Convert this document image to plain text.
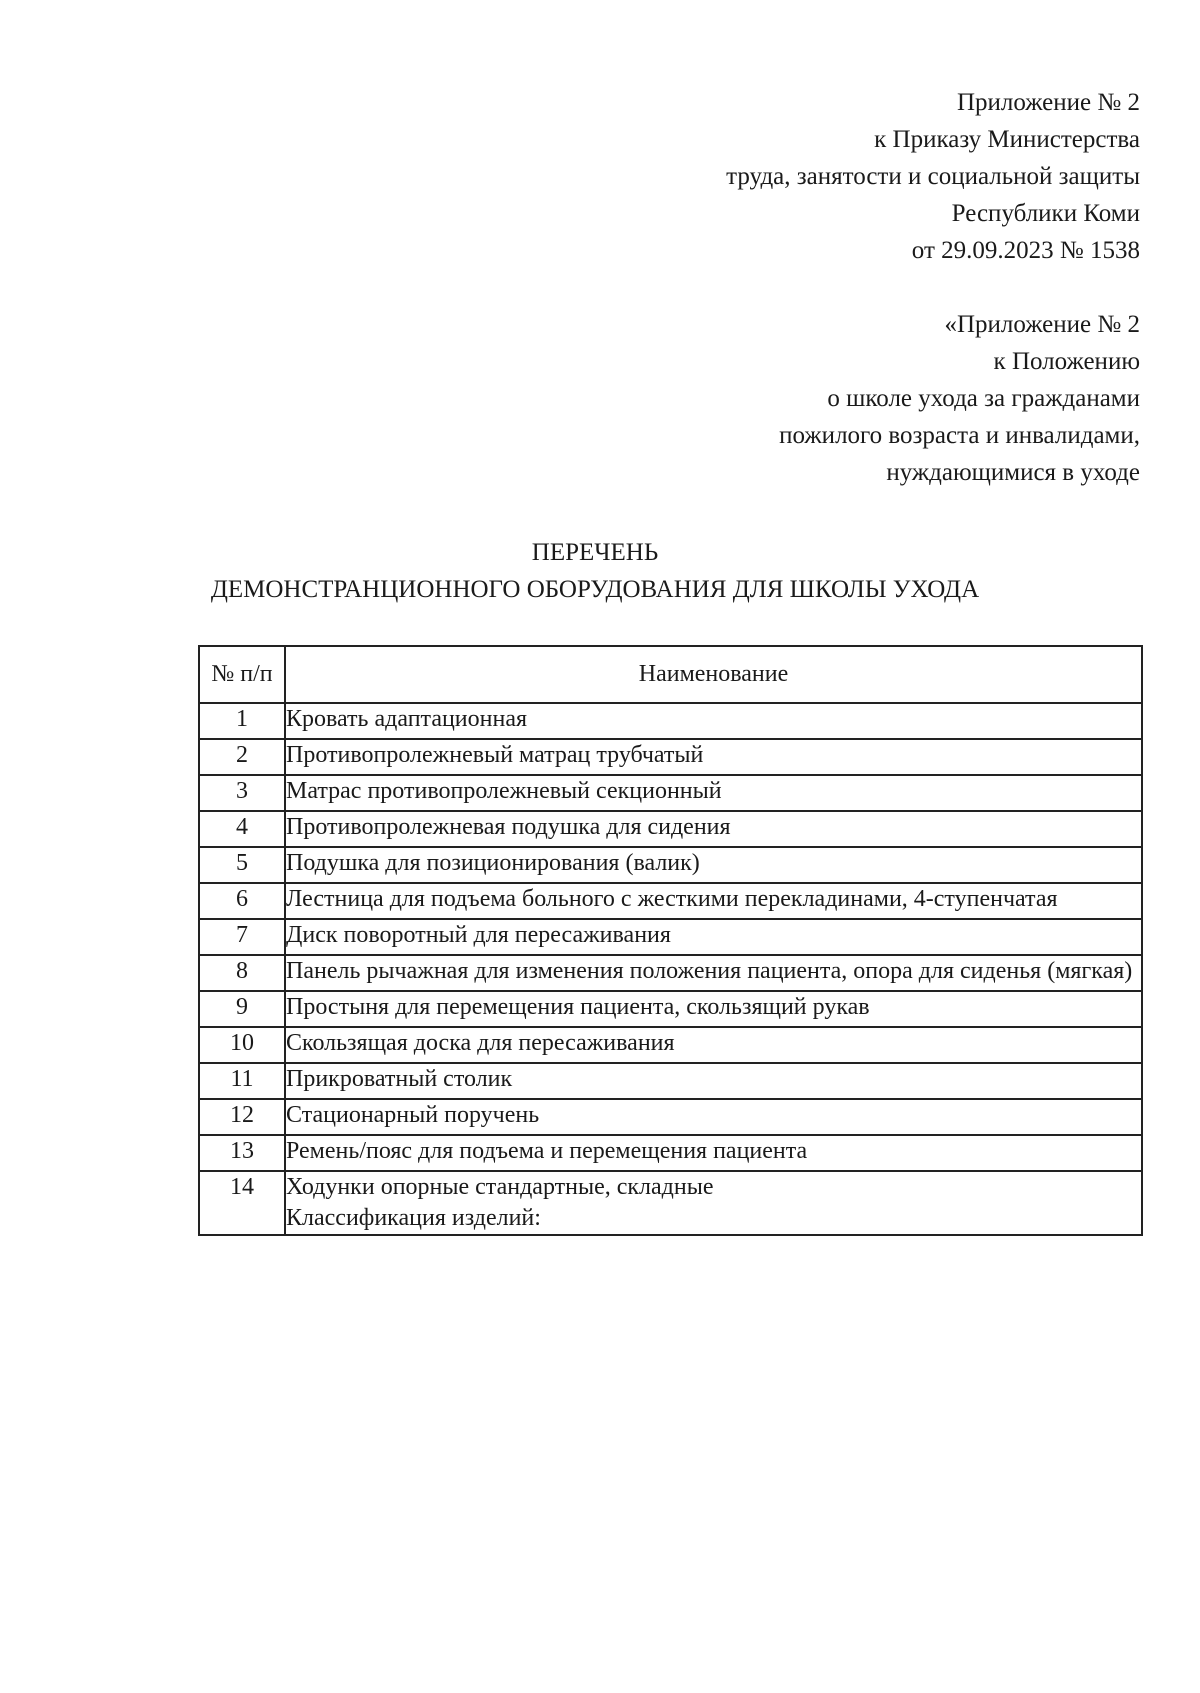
Приложение № 2
к Приказу Министерства
труда, занятости и социальной защиты
Республики Коми
от 29.09.2023 № 1538
«Приложение № 2
к Положению
о школе ухода за гражданами
пожилого возраста и инвалидами,
нуждающимися в уходе
ПЕРЕЧЕНЬ
ДЕМОНСТРАНЦИОННОГО ОБОРУДОВАНИЯ ДЛЯ ШКОЛЫ УХОДА
№ п/п	Наименование
1	Кровать адаптационная
2	Противопролежневый матрац трубчатый
3	Матрас противопролежневый секционный
4	Противопролежневая подушка для сидения
5	Подушка для позиционирования (валик)
6	Лестница для подъема больного с жесткими перекладинами, 4-ступенчатая
7	Диск поворотный для пересаживания
8	Панель рычажная для изменения положения пациента, опора для сиденья (мягкая)
9	Простыня для перемещения пациента, скользящий рукав
10	Скользящая доска для пересаживания
11	Прикроватный столик
12	Стационарный поручень
13	Ремень/пояс для подъема и перемещения пациента
14	Ходунки опорные стандартные, складные
Классификация изделий:
